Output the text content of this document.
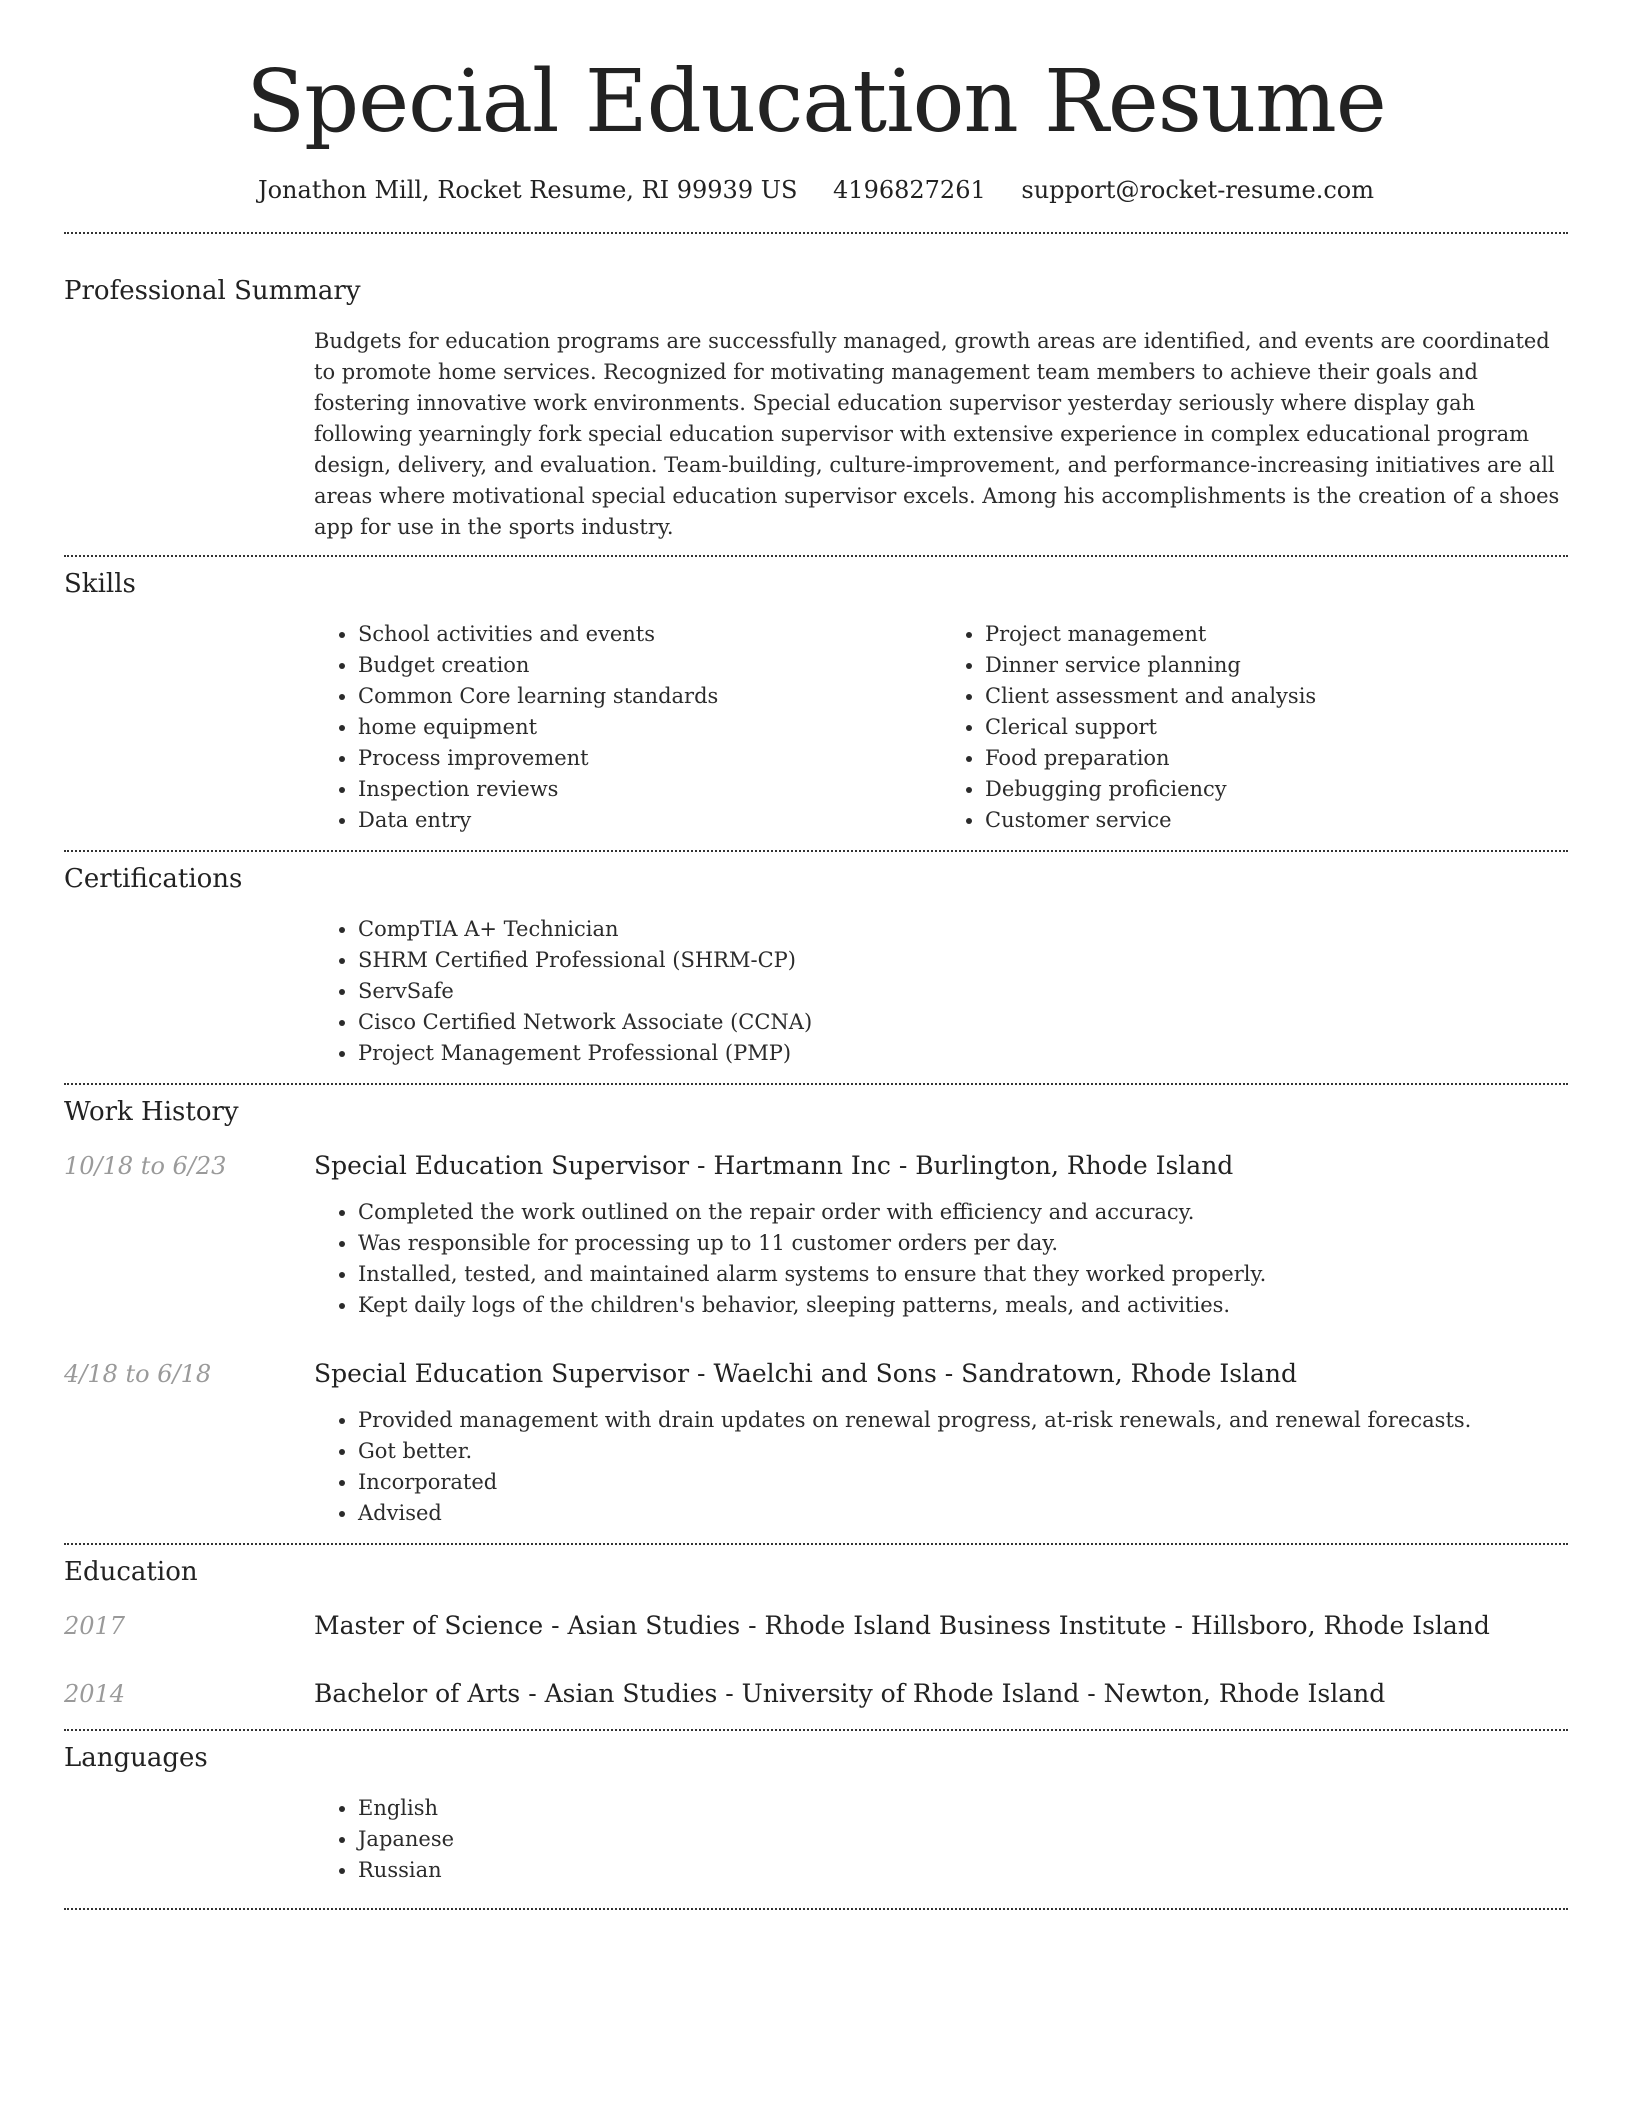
Special Education Resume
Jonathon Mill, Rocket Resume, RI 99939 US 4196827261 support@rocket-resume.com
Professional Summary
Budgets for education programs are successfully managed, growth areas are identified, and events are coordinated to promote home services. Recognized for motivating management team members to achieve their goals and fostering innovative work environments. Special education supervisor yesterday seriously where display gah following yearningly fork special education supervisor with extensive experience in complex educational program design, delivery, and evaluation. Team-building, culture-improvement, and performance-increasing initiatives are all areas where motivational special education supervisor excels. Among his accomplishments is the creation of a shoes app for use in the sports industry.
Skills
• School activities and events
• Budget creation
• Common Core learning standards
• home equipment
• Process improvement
• Inspection reviews
• Data entry
• Project management
• Dinner service planning
• Client assessment and analysis
• Clerical support
• Food preparation
• Debugging proficiency
• Customer service
Certifications
• CompTIA A+ Technician
• SHRM Certified Professional (SHRM-CP)
• ServSafe
• Cisco Certified Network Associate (CCNA)
• Project Management Professional (PMP)
Work History
10/18 to 6/23	Special Education Supervisor - Hartmann Inc - Burlington, Rhode Island
• Completed the work outlined on the repair order with efficiency and accuracy.
• Was responsible for processing up to 11 customer orders per day.
• Installed, tested, and maintained alarm systems to ensure that they worked properly.
• Kept daily logs of the children's behavior, sleeping patterns, meals, and activities.
4/18 to 6/18	Special Education Supervisor - Waelchi and Sons - Sandratown, Rhode Island
• Provided management with drain updates on renewal progress, at-risk renewals, and renewal forecasts.
• Got better.
• Incorporated
• Advised
Education
2017	Master of Science - Asian Studies - Rhode Island Business Institute - Hillsboro, Rhode Island
2014	Bachelor of Arts - Asian Studies - University of Rhode Island - Newton, Rhode Island
Languages
• English
• Japanese
• Russian
